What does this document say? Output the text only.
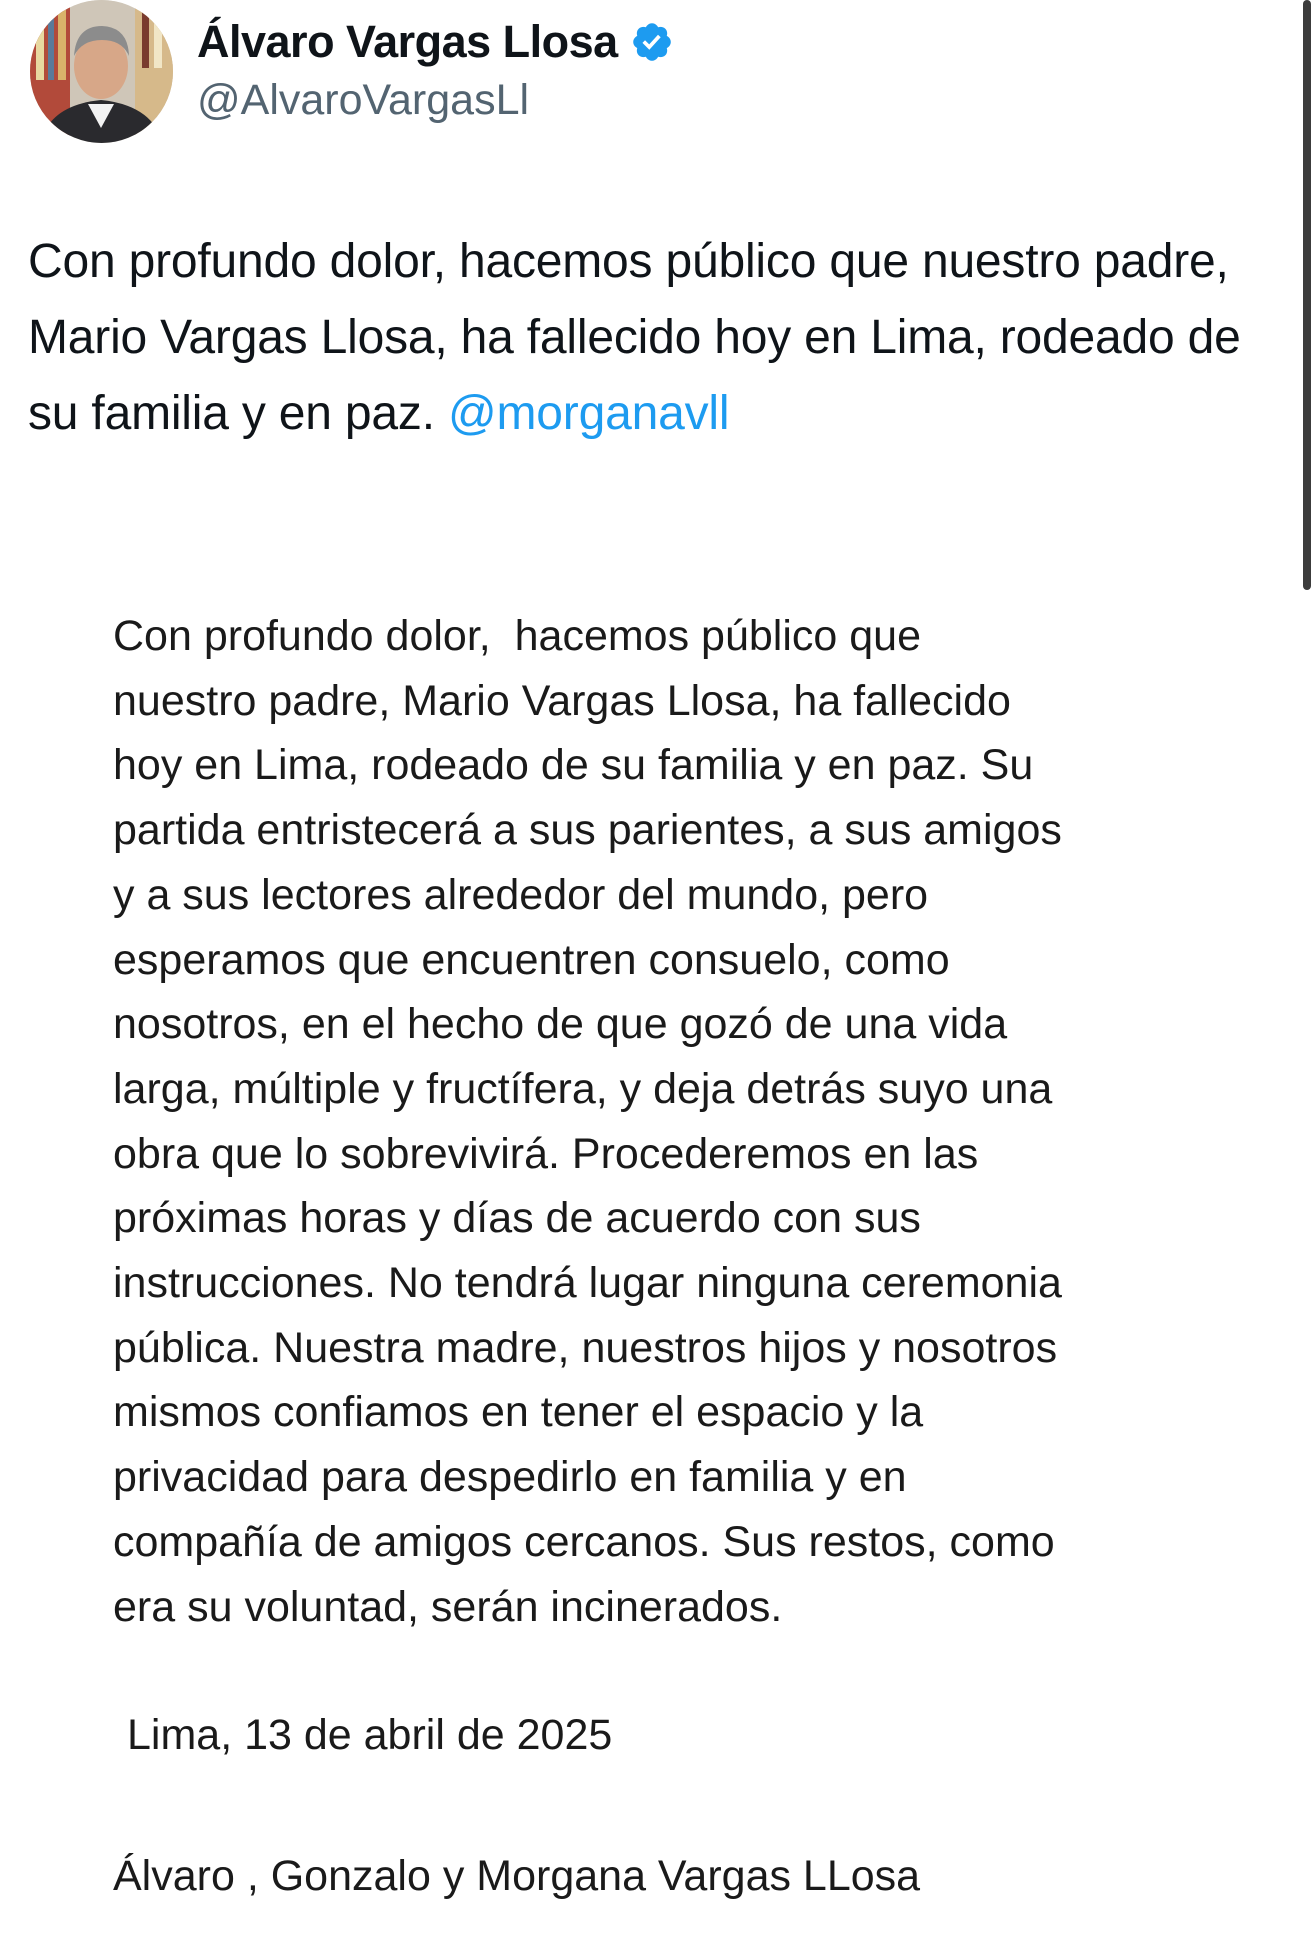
Álvaro Vargas Llosa
@AlvaroVargasLl
Con profundo dolor, hacemos público que nuestro padre, Mario Vargas Llosa, ha fallecido hoy en Lima, rodeado de su familia y en paz. @morganavll
Con profundo dolor,  hacemos público que
nuestro padre, Mario Vargas Llosa, ha fallecido
hoy en Lima, rodeado de su familia y en paz. Su
partida entristecerá a sus parientes, a sus amigos
y a sus lectores alrededor del mundo, pero
esperamos que encuentren consuelo, como
nosotros, en el hecho de que gozó de una vida
larga, múltiple y fructífera, y deja detrás suyo una
obra que lo sobrevivirá. Procederemos en las
próximas horas y días de acuerdo con sus
instrucciones. No tendrá lugar ninguna ceremonia
pública. Nuestra madre, nuestros hijos y nosotros
mismos confiamos en tener el espacio y la
privacidad para despedirlo en familia y en
compañía de amigos cercanos. Sus restos, como
era su voluntad, serán incinerados.
Lima, 13 de abril de 2025
Álvaro , Gonzalo y Morgana Vargas LLosa
